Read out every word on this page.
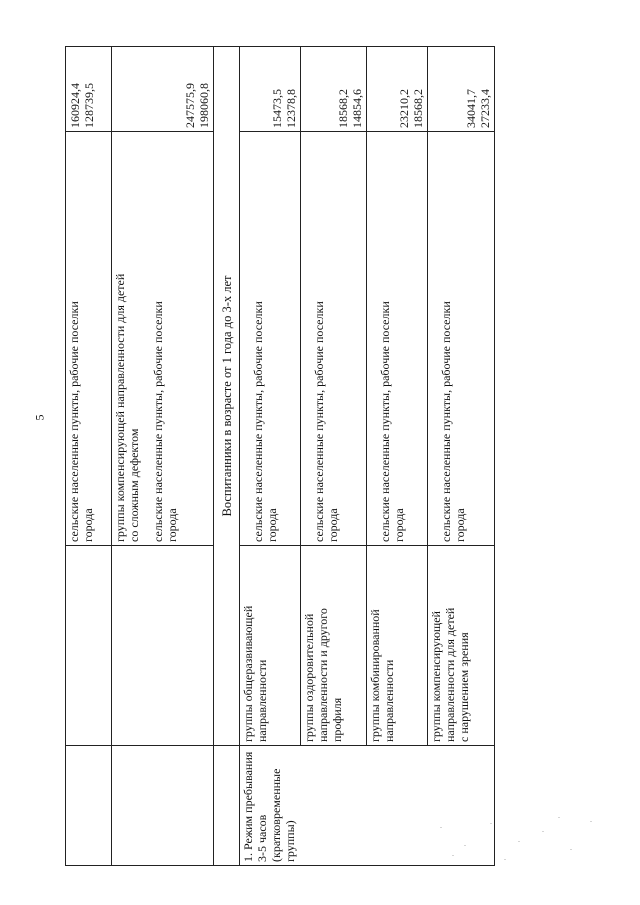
5

		сельские населенные пункты, рабочие поселки города	160924,4 128739,5

		группы компенсирующей направленности для детей со сложным дефектом сельские населенные пункты, рабочие поселки города	247575,9 198060,8

	Воспитанники в возрасте от 1 года до 3-х лет		

1. Режим пребывания 3-5 часов (кратковременные группы)	группы общеразвивающей направленности	сельские населенные пункты, рабочие поселки города	15473,5 12378,8

	группы оздоровительной направленности и другого профиля	сельские населенные пункты, рабочие поселки города	18568,2 14854,6

	группы комбинированной направленности	сельские населенные пункты, рабочие поселки города	23210,2 18568,2

	группы компенсирующей направленности для детей с нарушением зрения	сельские населенные пункты, рабочие поселки города	34041,7 27233,4
